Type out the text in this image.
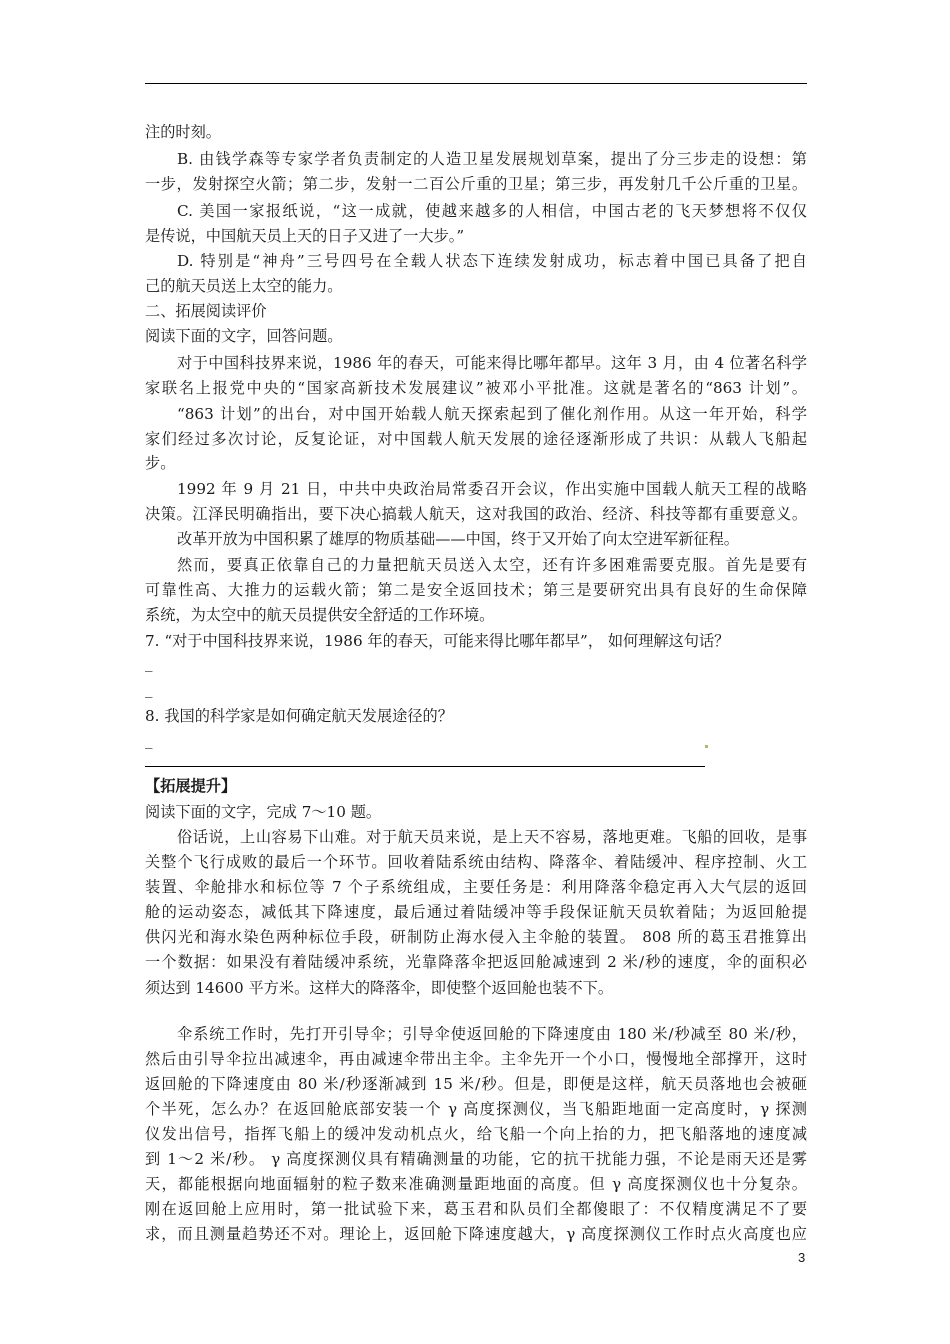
注的时刻。
B. 由钱学森等专家学者负责制定的人造卫星发展规划草案，提出了分三步走的设想：第
一步，发射探空火箭；第二步，发射一二百公斤重的卫星；第三步，再发射几千公斤重的卫星。
C. 美国一家报纸说，“这一成就，使越来越多的人相信，中国古老的飞天梦想将不仅仅
是传说，中国航天员上天的日子又进了一大步。”
D. 特别是“神舟”三号四号在全载人状态下连续发射成功，标志着中国已具备了把自
己的航天员送上太空的能力。
二、拓展阅读评价
阅读下面的文字，回答问题。
对于中国科技界来说，1986 年的春天，可能来得比哪年都早。这年 3 月，由 4 位著名科学
家联名上报党中央的“国家高新技术发展建议”被邓小平批准。这就是著名的“863 计划”。
“863 计划”的出台，对中国开始载人航天探索起到了催化剂作用。从这一年开始，科学
家们经过多次讨论，反复论证，对中国载人航天发展的途径逐渐形成了共识：从载人飞船起
步。
1992 年 9 月 21 日，中共中央政治局常委召开会议，作出实施中国载人航天工程的战略
决策。江泽民明确指出，要下决心搞载人航天，这对我国的政治、经济、科技等都有重要意义。
改革开放为中国积累了雄厚的物质基础——中国，终于又开始了向太空进军新征程。
然而，要真正依靠自己的力量把航天员送入太空，还有许多困难需要克服。首先是要有
可靠性高、大推力的运载火箭；第二是安全返回技术；第三是要研究出具有良好的生命保障
系统，为太空中的航天员提供安全舒适的工作环境。
7. “对于中国科技界来说，1986 年的春天，可能来得比哪年都早”， 如何理解这句话？
_
_
8. 我国的科学家是如何确定航天发展途径的？
_
【拓展提升】
阅读下面的文字，完成 7～10 题。
俗话说，上山容易下山难。对于航天员来说，是上天不容易，落地更难。飞船的回收，是事
关整个飞行成败的最后一个环节。回收着陆系统由结构、降落伞、着陆缓冲、程序控制、火工
装置、伞舱排水和标位等 7 个子系统组成，主要任务是：利用降落伞稳定再入大气层的返回
舱的运动姿态，减低其下降速度，最后通过着陆缓冲等手段保证航天员软着陆；为返回舱提
供闪光和海水染色两种标位手段，研制防止海水侵入主伞舱的装置。 808 所的葛玉君推算出
一个数据：如果没有着陆缓冲系统，光靠降落伞把返回舱减速到 2 米/秒的速度，伞的面积必
须达到 14600 平方米。这样大的降落伞，即使整个返回舱也装不下。
伞系统工作时，先打开引导伞；引导伞使返回舱的下降速度由 180 米/秒减至 80 米/秒，
然后由引导伞拉出减速伞，再由减速伞带出主伞。主伞先开一个小口，慢慢地全部撑开，这时
返回舱的下降速度由 80 米/秒逐渐减到 15 米/秒。但是，即便是这样，航天员落地也会被砸
个半死，怎么办？在返回舱底部安装一个 γ 高度探测仪，当飞船距地面一定高度时，γ 探测
仪发出信号，指挥飞船上的缓冲发动机点火，给飞船一个向上抬的力，把飞船落地的速度减
到 1～2 米/秒。 γ 高度探测仪具有精确测量的功能，它的抗干扰能力强，不论是雨天还是雾
天，都能根据向地面辐射的粒子数来准确测量距地面的高度。但 γ 高度探测仪也十分复杂。
刚在返回舱上应用时，第一批试验下来，葛玉君和队员们全都傻眼了：不仅精度满足不了要
求，而且测量趋势还不对。理论上，返回舱下降速度越大，γ 高度探测仪工作时点火高度也应
3
